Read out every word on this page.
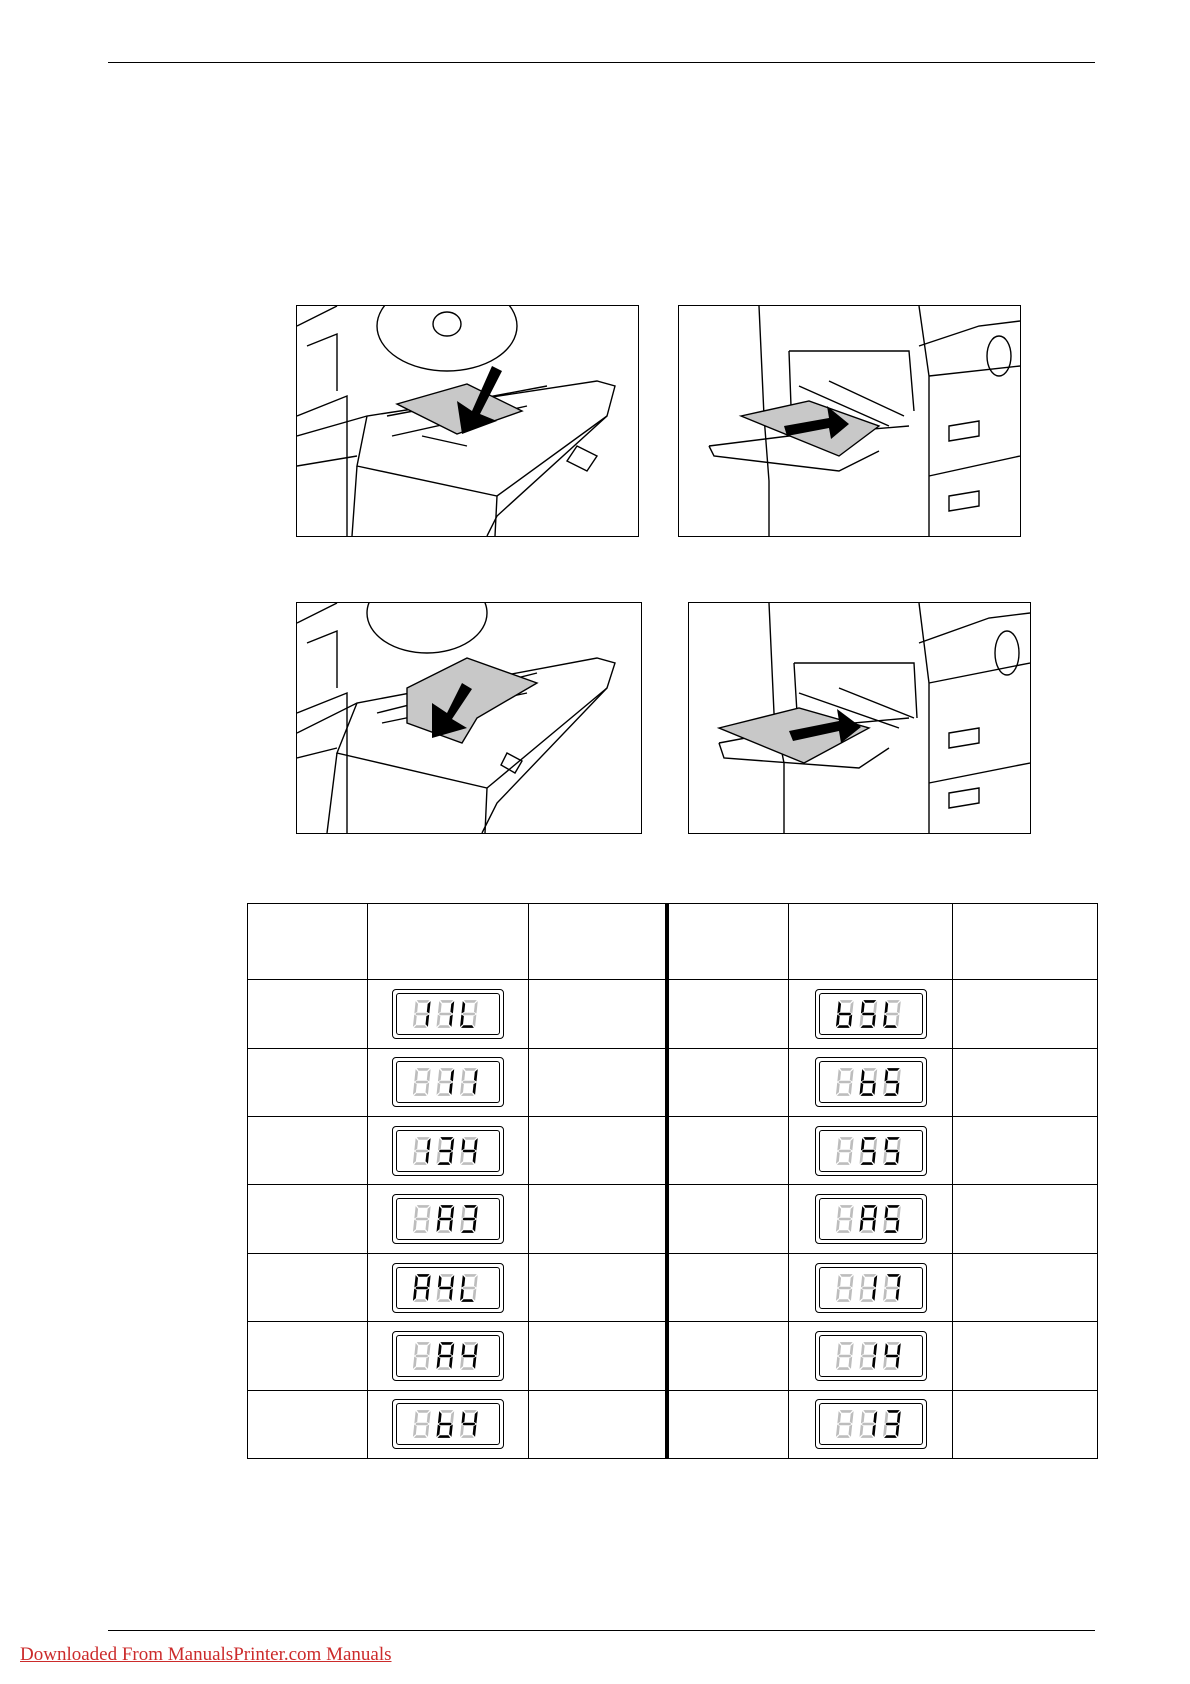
Downloaded From ManualsPrinter.com Manuals
